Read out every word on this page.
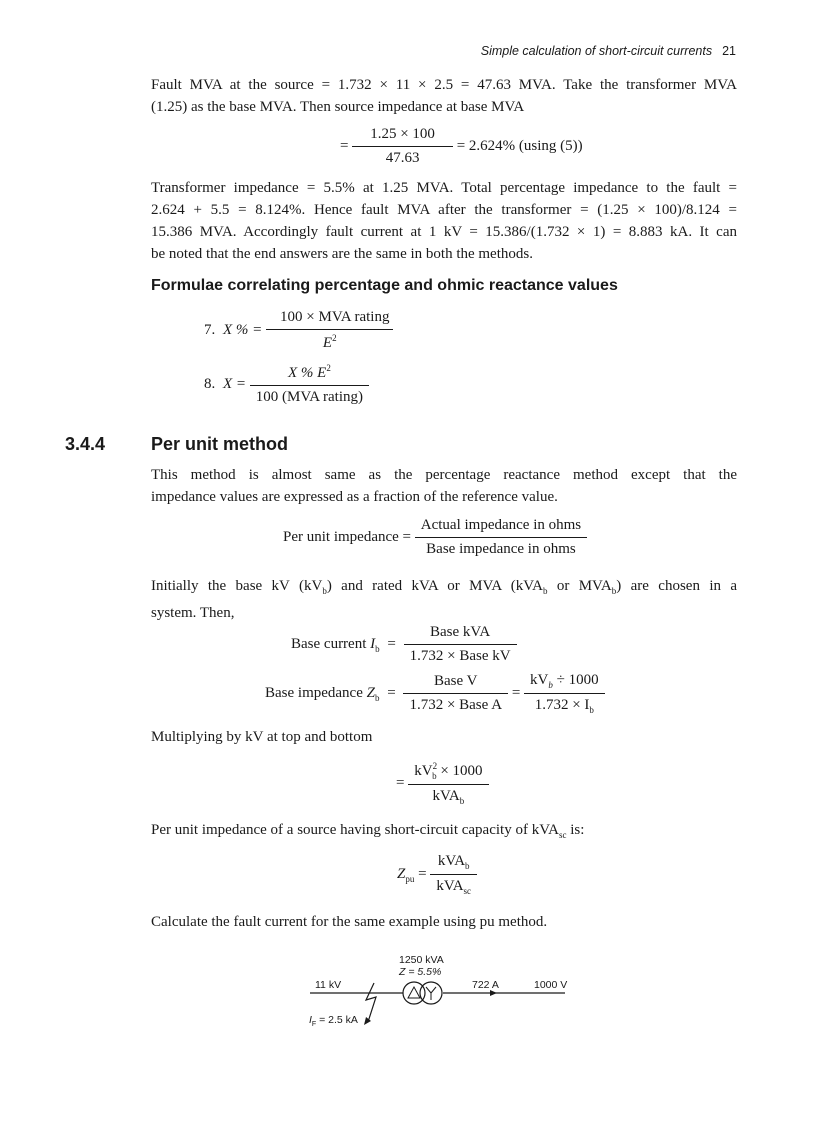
Simple calculation of short-circuit currents 21

Fault MVA at the source = 1.732 × 11 × 2.5 = 47.63 MVA. Take the transformer MVA

(1.25) as the base MVA. Then source impedance at base MVA

= $\frac{1.25 \times 100}{47.63} = 2.624\%$ (using (5))

Transformer impedance = 5.5% at 1.25 MVA. Total percentage impedance to the fault =

2.624 + 5.5 = 8.124%. Hence fault MVA after the transformer = (1.25 × 100)/8.124 =

15.386 MVA. Accordingly fault current at 1 kV = 15.386/(1.732 × 1) = 8.883 kA. It can

be noted that the end answers are the same in both the methods.

Formulae correlating percentage and ohmic reactance values
7. X % = $\frac{\text{100 × MVA rating}}{E^2}$
8. $X = \frac{X \% E^2}{\text{100 (MVA rating)}}$
3.4.4	Per unit method

This method is almost same as the percentage reactance method except that the

impedance values are expressed as a fraction of the reference value.

Per unit impedance = $\frac{\text{Actual impedance in ohms}}{\text{Base impedance in ohms}}$

Initially the base kV $(kV_b)$ and rated kVA or MVA (kVA$_b$ or $MVA_b$) are chosen in a

system. Then,

Base current $I_b = \frac{\text{Base kVA}}{\text{1.732 × Base kV}}$
Base impedance $Z_b = \frac{\text{Base V}}{\text{1.732 × Base A}} = \frac{kV_b \div 1000}{1.732 \times I_b}$

Multiplying by kV at top and bottom

= $\frac{kV^2_b \times 1000}{kVA_b}$

Per unit impedance of a source having short-circuit capacity of kVA$_{sc}$ is:

$Z_{pu} = \frac{kVA_b}{kVA_{sc}}$

Calculate the fault current for the same example using pu method.

1250 kVA
Z = 5.5%
11 kV	722 A	1000 V
$I_F = 2.5$ kA
